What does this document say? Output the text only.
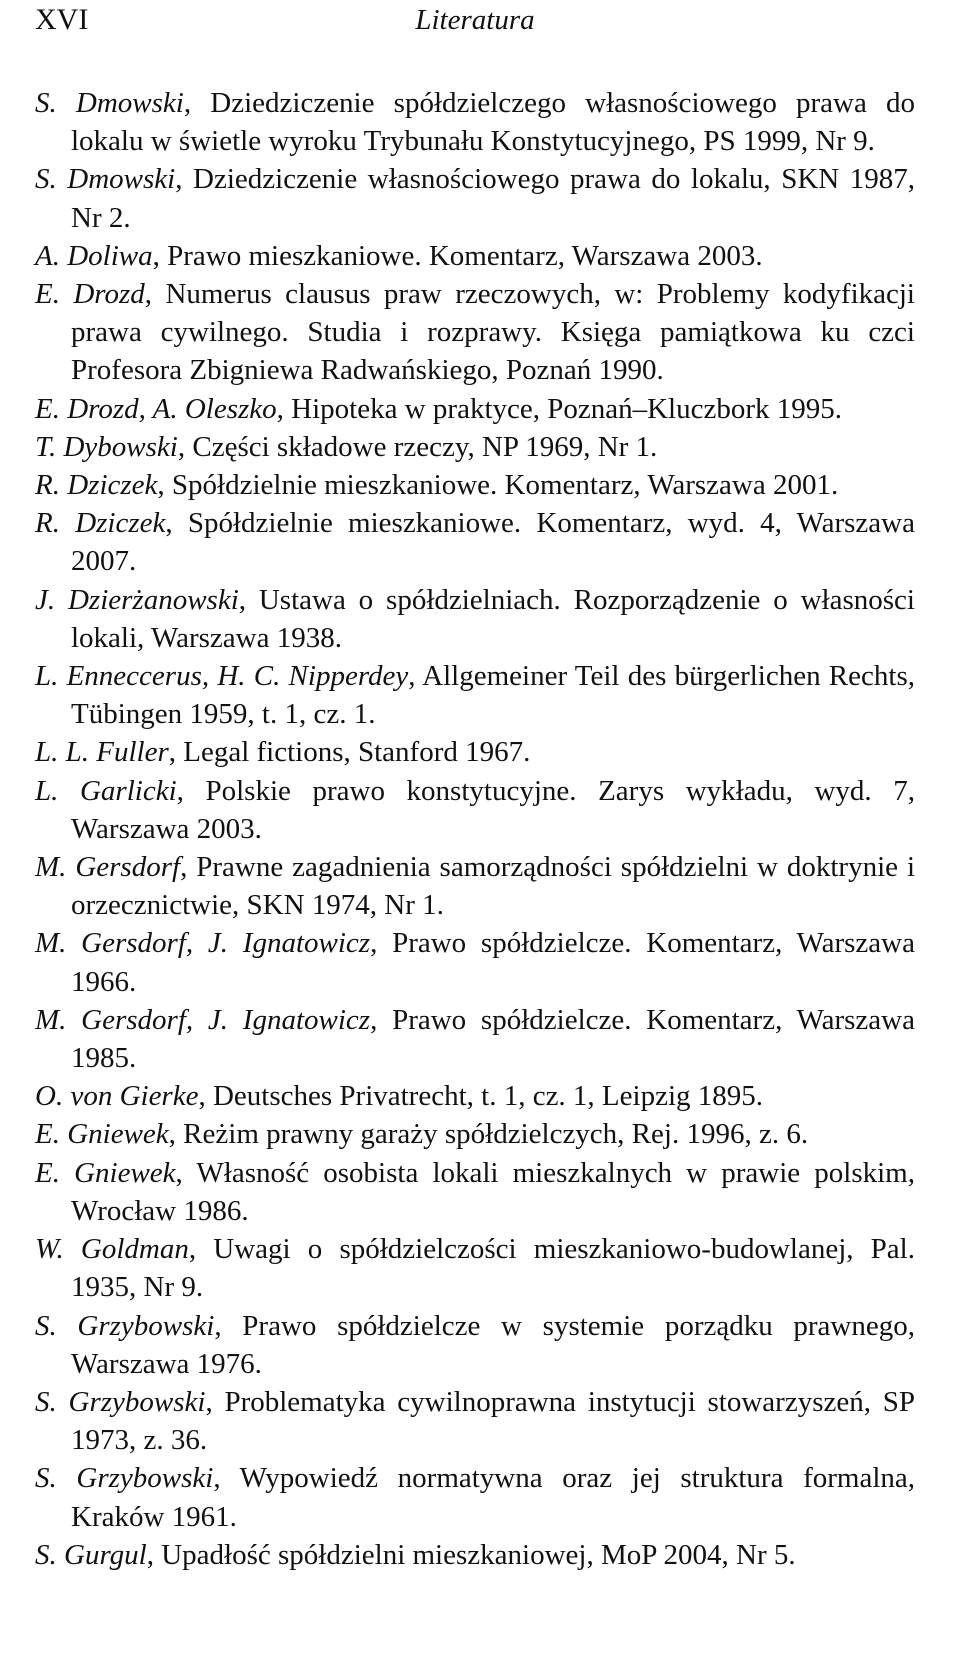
XVI	Literatura
S. Dmowski, Dziedziczenie spółdzielczego własnościowego prawa do lokalu w świetle wyroku Trybunału Konstytucyjnego, PS 1999, Nr 9.
S. Dmowski, Dziedziczenie własnościowego prawa do lokalu, SKN 1987, Nr 2.
A. Doliwa, Prawo mieszkaniowe. Komentarz, Warszawa 2003.
E. Drozd, Numerus clausus praw rzeczowych, w: Problemy kodyfikacji prawa cywilnego. Studia i rozprawy. Księga pamiątkowa ku czci Profesora Zbigniewa Radwańskiego, Poznań 1990.
E. Drozd, A. Oleszko, Hipoteka w praktyce, Poznań–Kluczbork 1995.
T. Dybowski, Części składowe rzeczy, NP 1969, Nr 1.
R. Dziczek, Spółdzielnie mieszkaniowe. Komentarz, Warszawa 2001.
R. Dziczek, Spółdzielnie mieszkaniowe. Komentarz, wyd. 4, Warszawa 2007.
J. Dzierżanowski, Ustawa o spółdzielniach. Rozporządzenie o własności lokali, Warszawa 1938.
L. Enneccerus, H. C. Nipperdey, Allgemeiner Teil des bürgerlichen Rechts, Tübingen 1959, t. 1, cz. 1.
L. L. Fuller, Legal fictions, Stanford 1967.
L. Garlicki, Polskie prawo konstytucyjne. Zarys wykładu, wyd. 7, Warszawa 2003.
M. Gersdorf, Prawne zagadnienia samorządności spółdzielni w doktrynie i orzecznictwie, SKN 1974, Nr 1.
M. Gersdorf, J. Ignatowicz, Prawo spółdzielcze. Komentarz, Warszawa 1966.
M. Gersdorf, J. Ignatowicz, Prawo spółdzielcze. Komentarz, Warszawa 1985.
O. von Gierke, Deutsches Privatrecht, t. 1, cz. 1, Leipzig 1895.
E. Gniewek, Reżim prawny garaży spółdzielczych, Rej. 1996, z. 6.
E. Gniewek, Własność osobista lokali mieszkalnych w prawie polskim, Wrocław 1986.
W. Goldman, Uwagi o spółdzielczości mieszkaniowo-budowlanej, Pal. 1935, Nr 9.
S. Grzybowski, Prawo spółdzielcze w systemie porządku prawnego, Warszawa 1976.
S. Grzybowski, Problematyka cywilnoprawna instytucji stowarzyszeń, SP 1973, z. 36.
S. Grzybowski, Wypowiedź normatywna oraz jej struktura formalna, Kraków 1961.
S. Gurgul, Upadłość spółdzielni mieszkaniowej, MoP 2004, Nr 5.
